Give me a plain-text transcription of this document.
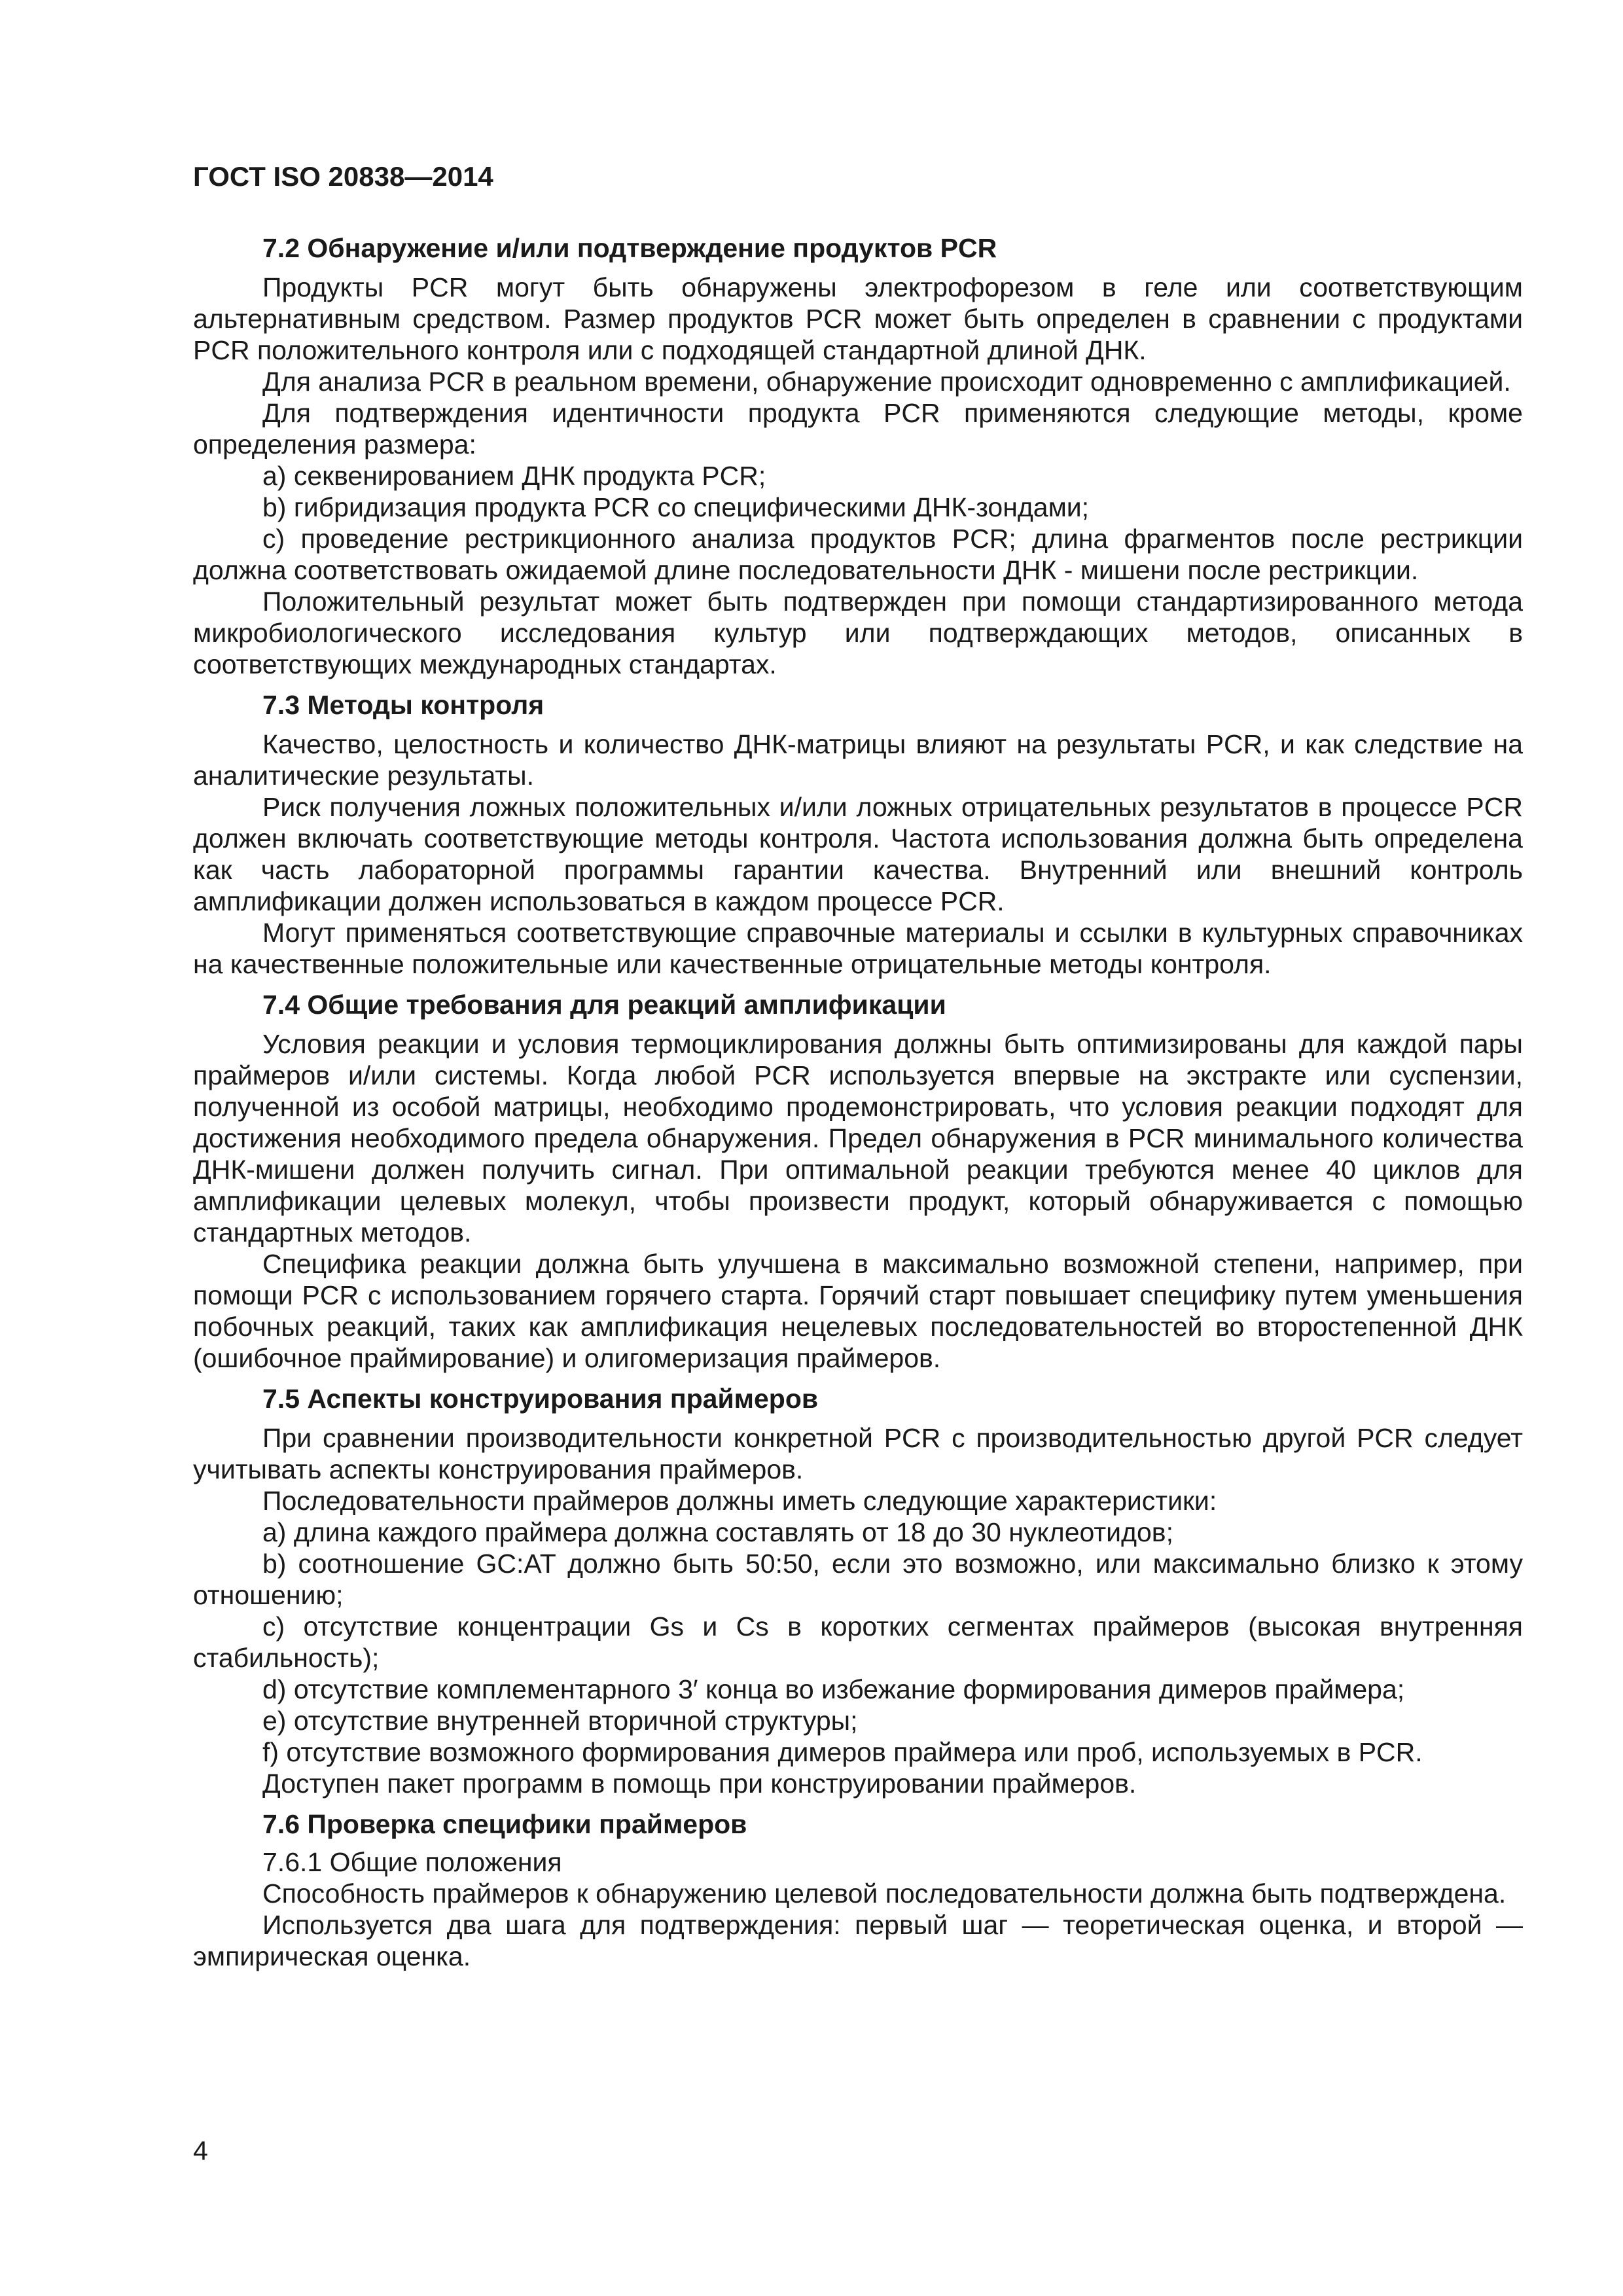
ГОСТ ISO 20838—2014
7.2 Обнаружение и/или подтверждение продуктов PCR

Продукты PCR могут быть обнаружены электрофорезом в геле или соответствующим альтернативным средством. Размер продуктов PCR может быть определен в сравнении с продуктами PCR положительного контроля или с подходящей стандартной длиной ДНК.

Для анализа PCR в реальном времени, обнаружение происходит одновременно с амплификацией.

Для подтверждения идентичности продукта PCR применяются следующие методы, кроме определения размера:

a) секвенированием ДНК продукта PCR;

b) гибридизация продукта PCR со специфическими ДНК-зондами;

c) проведение рестрикционного анализа продуктов PCR; длина фрагментов после рестрикции должна соответствовать ожидаемой длине последовательности ДНК - мишени после рестрикции.

Положительный результат может быть подтвержден при помощи стандартизированного метода микробиологического исследования культур или подтверждающих методов, описанных в соответствующих международных стандартах.

7.3 Методы контроля

Качество, целостность и количество ДНК-матрицы влияют на результаты PCR, и как следствие на аналитические результаты.

Риск получения ложных положительных и/или ложных отрицательных результатов в процессе PCR должен включать соответствующие методы контроля. Частота использования должна быть определена как часть лабораторной программы гарантии качества. Внутренний или внешний контроль амплификации должен использоваться в каждом процессе PCR.

Могут применяться соответствующие справочные материалы и ссылки в культурных справочниках на качественные положительные или качественные отрицательные методы контроля.

7.4 Общие требования для реакций амплификации

Условия реакции и условия термоциклирования должны быть оптимизированы для каждой пары праймеров и/или системы. Когда любой PCR используется впервые на экстракте или суспензии, полученной из особой матрицы, необходимо продемонстрировать, что условия реакции подходят для достижения необходимого предела обнаружения. Предел обнаружения в PCR минимального количества ДНК-мишени должен получить сигнал. При оптимальной реакции требуются менее 40 циклов для амплификации целевых молекул, чтобы произвести продукт, который обнаруживается с помощью стандартных методов.

Специфика реакции должна быть улучшена в максимально возможной степени, например, при помощи PCR с использованием горячего старта. Горячий старт повышает специфику путем уменьшения побочных реакций, таких как амплификация нецелевых последовательностей во второстепенной ДНК (ошибочное праймирование) и олигомеризация праймеров.

7.5 Аспекты конструирования праймеров

При сравнении производительности конкретной PCR с производительностью другой PCR следует учитывать аспекты конструирования праймеров.

Последовательности праймеров должны иметь следующие характеристики:

a) длина каждого праймера должна составлять от 18 до 30 нуклеотидов;

b) соотношение GC:AT должно быть 50:50, если это возможно, или максимально близко к этому отношению;

c) отсутствие концентрации Gs и Cs в коротких сегментах праймеров (высокая внутренняя стабильность);

d) отсутствие комплементарного 3′ конца во избежание формирования димеров праймера;

e) отсутствие внутренней вторичной структуры;

f) отсутствие возможного формирования димеров праймера или проб, используемых в PCR.

Доступен пакет программ в помощь при конструировании праймеров.

7.6 Проверка специфики праймеров

7.6.1 Общие положения

Способность праймеров к обнаружению целевой последовательности должна быть подтверждена.

Используется два шага для подтверждения: первый шаг — теоретическая оценка, и второй — эмпирическая оценка.

4
